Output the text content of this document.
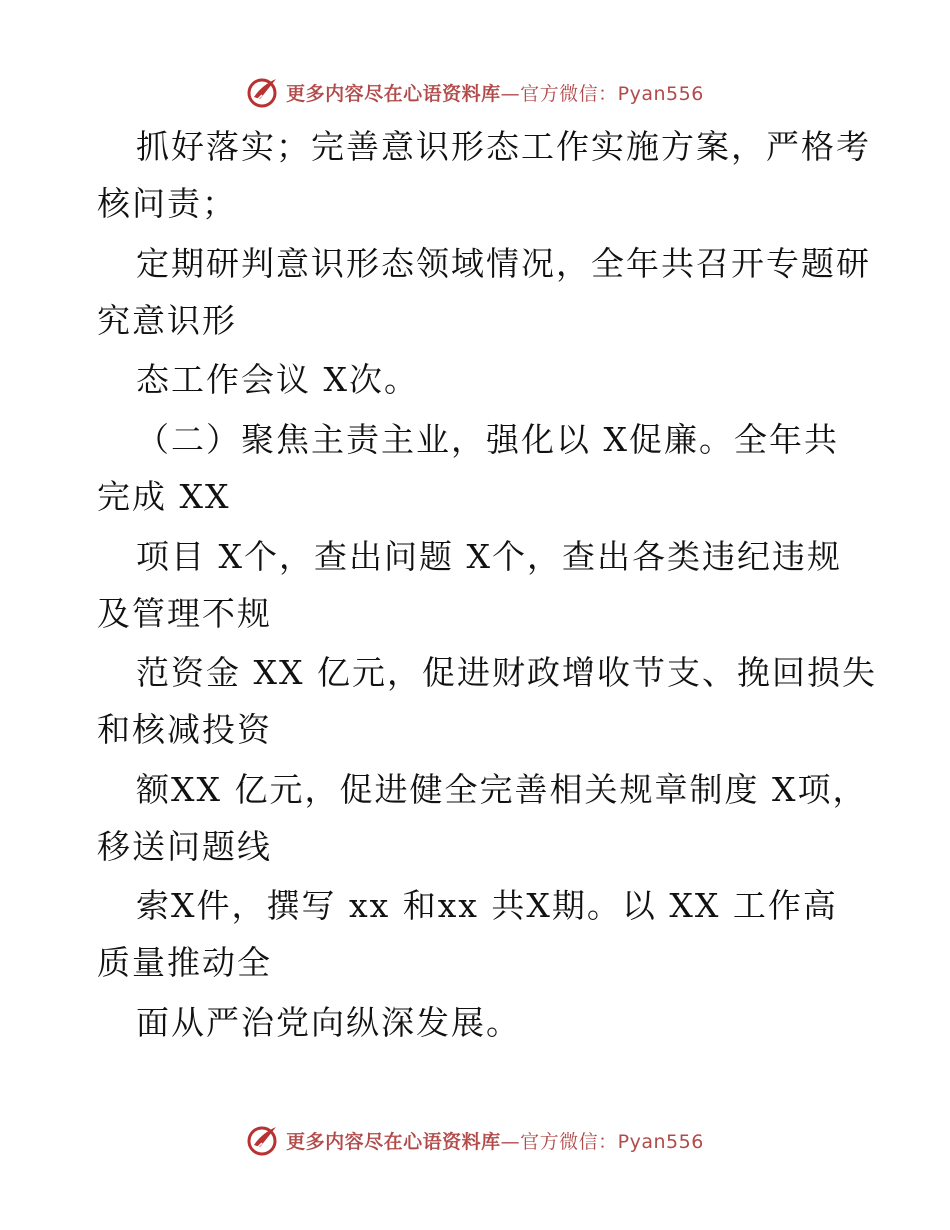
更多内容尽在心语资料库—官方微信：Pyan556
抓好落实；完善意识形态工作实施方案，严格考
核问责；
定期研判意识形态领域情况，全年共召开专题研
究意识形
态工作会议 X次。
（二）聚焦主责主业，强化以 X促廉。全年共
完成 XX
项目 X个，查出问题 X个，查出各类违纪违规
及管理不规
范资金 XX 亿元，促进财政增收节支、挽回损失
和核减投资
额XX 亿元，促进健全完善相关规章制度 X项，
移送问题线
索X件，撰写 xx 和xx 共X期。以 XX 工作高
质量推动全
面从严治党向纵深发展。
更多内容尽在心语资料库—官方微信：Pyan556
